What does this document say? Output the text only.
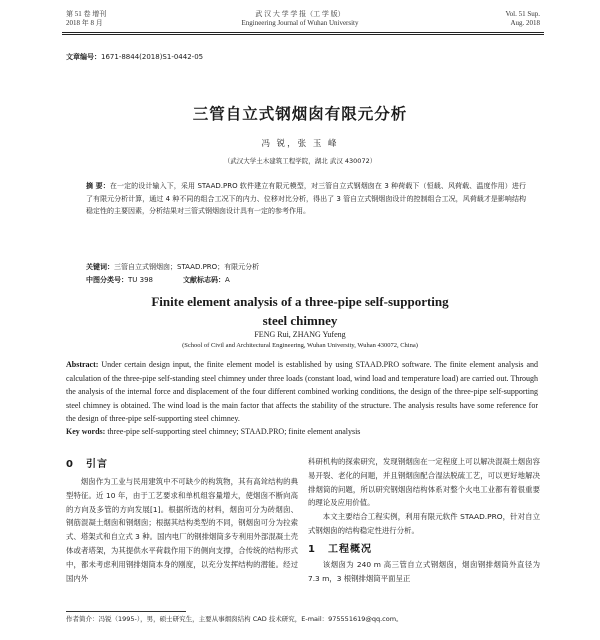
第 51 卷 增刊
2018 年 8 月
武 汉 大 学 学 报（工 学 版）
Engineering Journal of Wuhan University
Vol. 51 Sup.
Aug. 2018
文章编号：1671-8844(2018)S1-0442-05
三管自立式钢烟囱有限元分析
冯 锐，张 玉 峰
（武汉大学土木建筑工程学院，湖北 武汉 430072）
摘 要：在一定的设计输入下，采用 STAAD.PRO 软件建立有限元模型，对三管自立式钢烟囱在 3 种荷载下（恒载、风荷载、温度作用）进行了有限元分析计算，通过 4 种不同的组合工况下的内力、位移对比分析，得出了 3 管自立式钢烟囱设计的控制组合工况，风荷载才是影响结构稳定性的主要因素，分析结果对三管式钢烟囱设计具有一定的参考作用。
关键词：三管自立式钢烟囱；STAAD.PRO；有限元分析
中图分类号：TU 398	文献标志码：A
Finite element analysis of a three-pipe self-supporting
steel chimney
FENG Rui, ZHANG Yufeng
(School of Civil and Architectural Engineering, Wuhan University, Wuhan 430072, China)
Abstract: Under certain design input, the finite element model is established by using STAAD.PRO software. The finite element analysis and calculation of the three-pipe self-standing steel chimney under three loads (constant load, wind load and temperature load) are carried out. Through the analysis of the internal force and displacement of the four different combined working conditions, the design of the three-pipe self-supporting steel chimney is obtained. The wind load is the main factor that affects the stability of the structure. The analysis results have some reference for the design of three-pipe self-supporting steel chimney.
Key words: three-pipe self-supporting steel chimney; STAAD.PRO; finite element analysis
0 引言

烟囱作为工业与民用建筑中不可缺少的构筑物，其有高耸结构的典型特征。近 10 年，由于工艺要求和单机组容量增大，使烟囱不断向高的方向及多管的方向发展[1]。根据所选的材料，烟囱可分为砖烟囱、钢筋混凝土烟囱和钢烟囱；根据其结构类型的不同，钢烟囱可分为拉索式、塔架式和自立式 3 种。国内电厂的钢排烟筒多专利用外部混凝土壳体或者塔架，为其提供水平荷载作用下的侧向支撑，合传统的结构形式中，都未考虑利用钢排烟筒本身的刚度，以充分发挥结构的潜能。经过国内外

科研机构的探索研究，发现钢烟囱在一定程度上可以解决混凝土烟囱容易开裂、老化的问题，并且钢烟囱配合湿法脱硫工艺，可以更好地解决排烟筒的问题，所以研究钢烟囱结构体系对整个火电工业都有着很重要的理论及应用价值。

本文主要结合工程实例，利用有限元软件 STAAD.PRO，针对自立式钢烟囱的结构稳定性进行分析。

1 工程概况

该烟囱为 240 m 高三管自立式钢烟囱，烟囱钢排烟筒外直径为 7.3 m，3 根钢排烟筒平面呈正

作者简介：冯锐（1995-），男，硕士研究生，主要从事烟囱结构 CAD 技术研究，E-mail：975551619@qq.com。
